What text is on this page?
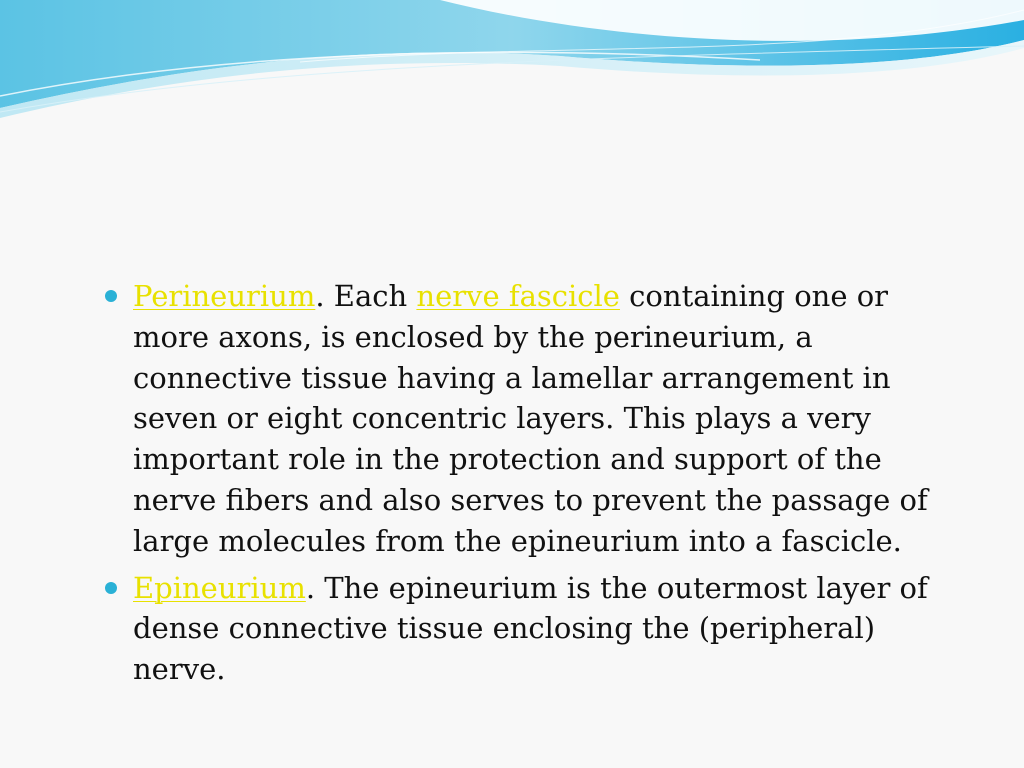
Perineurium. Each nerve fascicle containing one or more axons, is enclosed by the perineurium, a connective tissue having a lamellar arrangement in seven or eight concentric layers. This plays a very important role in the protection and support of the nerve fibers and also serves to prevent the passage of large molecules from the epineurium into a fascicle.
Epineurium. The epineurium is the outermost layer of dense connective tissue enclosing the (peripheral) nerve.
